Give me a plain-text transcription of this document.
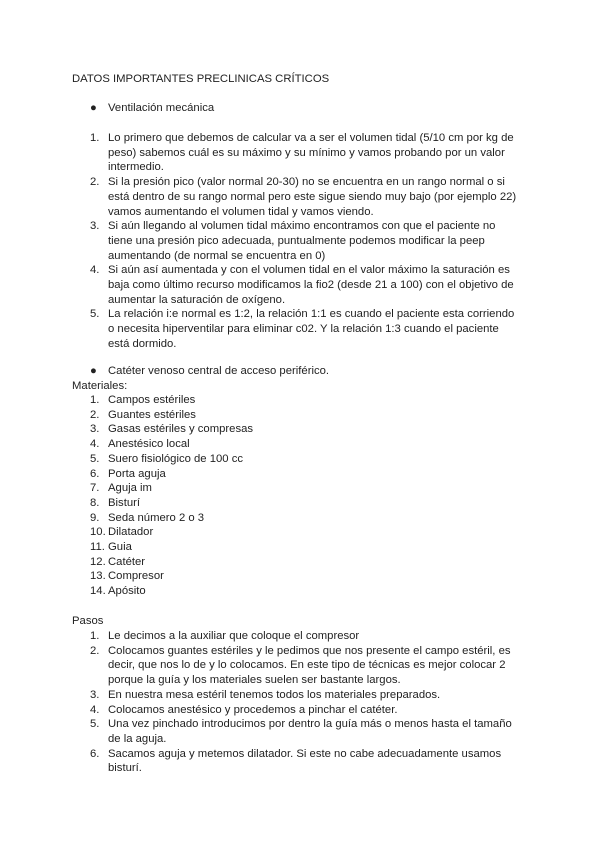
DATOS IMPORTANTES PRECLINICAS CRÍTICOS
● Ventilación mecánica
1. Lo primero que debemos de calcular va a ser el volumen tidal (5/10 cm por kg de peso) sabemos cuál es su máximo y su mínimo y vamos probando por un valor intermedio.
2. Si la presión pico (valor normal 20-30) no se encuentra en un rango normal o si está dentro de su rango normal pero este sigue siendo muy bajo (por ejemplo 22) vamos aumentando el volumen tidal y vamos viendo.
3. Si aún llegando al volumen tidal máximo encontramos con que el paciente no tiene una presión pico adecuada, puntualmente podemos modificar la peep aumentando (de normal se encuentra en 0)
4. Si aún así aumentada y con el volumen tidal en el valor máximo la saturación es baja como último recurso modificamos la fio2 (desde 21 a 100) con el objetivo de aumentar la saturación de oxígeno.
5. La relación i:e normal es 1:2, la relación 1:1 es cuando el paciente esta corriendo o necesita hiperventilar para eliminar c02. Y la relación 1:3 cuando el paciente está dormido.
● Catéter venoso central de acceso periférico.
Materiales:
1. Campos estériles
2. Guantes estériles
3. Gasas estériles y compresas
4. Anestésico local
5. Suero fisiológico de 100 cc
6. Porta aguja
7. Aguja im
8. Bisturí
9. Seda número 2 o 3
10. Dilatador
11. Guia
12. Catéter
13. Compresor
14. Apósito
Pasos
1. Le decimos a la auxiliar que coloque el compresor
2. Colocamos guantes estériles y le pedimos que nos presente el campo estéril, es decir, que nos lo de y lo colocamos. En este tipo de técnicas es mejor colocar 2 porque la guía y los materiales suelen ser bastante largos.
3. En nuestra mesa estéril tenemos todos los materiales preparados.
4. Colocamos anestésico y procedemos a pinchar el catéter.
5. Una vez pinchado introducimos por dentro la guía más o menos hasta el tamaño de la aguja.
6. Sacamos aguja y metemos dilatador. Si este no cabe adecuadamente usamos bisturí.
